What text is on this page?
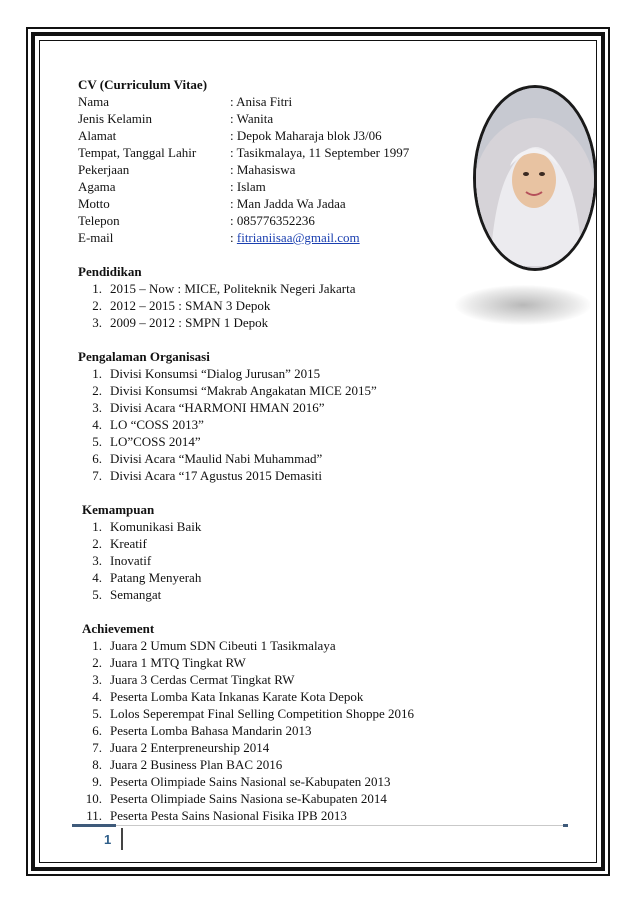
CV (Curriculum Vitae)
Nama	: Anisa Fitri
Jenis Kelamin	: Wanita
Alamat	: Depok Maharaja blok J3/06
Tempat, Tanggal Lahir	: Tasikmalaya, 11 September 1997
Pekerjaan	: Mahasiswa
Agama	: Islam
Motto	: Man Jadda Wa Jadaa
Telepon	: 085776352236
E-mail	: fitrianiisaa@gmail.com
Pendidikan
1. 2015 – Now : MICE, Politeknik Negeri Jakarta
2. 2012 – 2015 : SMAN 3 Depok
3. 2009 – 2012 : SMPN 1 Depok
Pengalaman Organisasi
1. Divisi Konsumsi “Dialog Jurusan” 2015
2. Divisi Konsumsi “Makrab Angakatan MICE 2015”
3. Divisi Acara “HARMONI HMAN 2016”
4. LO “COSS 2013”
5. LO”COSS 2014”
6. Divisi Acara “Maulid Nabi Muhammad”
7. Divisi Acara “17 Agustus 2015 Demasiti
Kemampuan
1. Komunikasi Baik
2. Kreatif
3. Inovatif
4. Patang Menyerah
5. Semangat
Achievement
1. Juara 2 Umum SDN Cibeuti 1 Tasikmalaya
2. Juara 1 MTQ Tingkat RW
3. Juara 3 Cerdas Cermat Tingkat RW
4. Peserta Lomba Kata Inkanas Karate Kota Depok
5. Lolos Seperempat Final Selling Competition Shoppe 2016
6. Peserta Lomba Bahasa Mandarin 2013
7. Juara 2 Enterpreneurship 2014
8. Juara 2 Business Plan BAC 2016
9. Peserta Olimpiade Sains Nasional se-Kabupaten 2013
10. Peserta Olimpiade Sains Nasiona se-Kabupaten 2014
11. Peserta Pesta Sains Nasional Fisika IPB 2013
1
